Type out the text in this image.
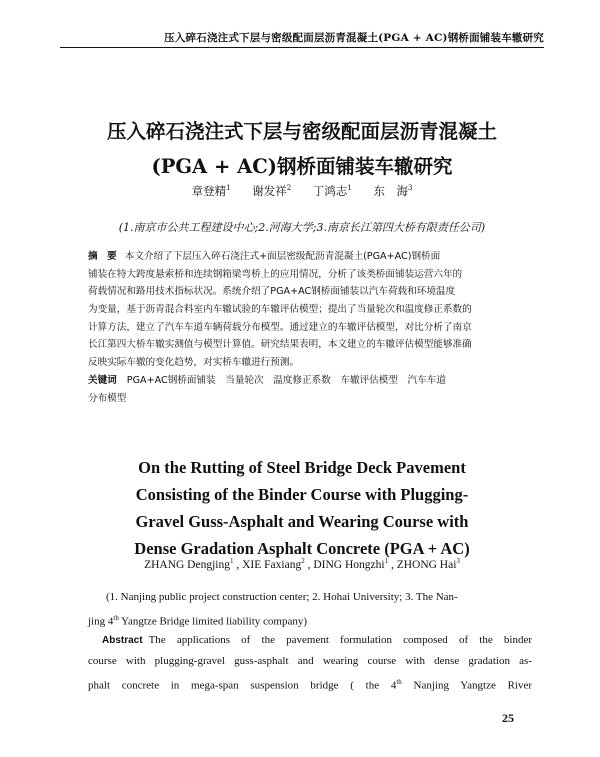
压入碎石浇注式下层与密级配面层沥青混凝土(PGA + AC)钢桥面铺装车辙研究
压入碎石浇注式下层与密级配面层沥青混凝土
(PGA + AC)钢桥面铺装车辙研究
章登精$^1$ 谢发祥$^2$ 丁鸿志$^1$ 东　海$^3$
(1.南京市公共工程建设中心;2.河海大学;3.南京长江第四大桥有限责任公司)
摘　要 本文介绍了下层压入碎石浇注式+面层密级配沥青混凝土(PGA+AC)钢桥面
铺装在特大跨度悬索桥和连续钢箱梁弯桥上的应用情况，分析了该类桥面铺装运营六年的
荷载情况和路用技术指标状况。系统介绍了PGA+AC钢桥面铺装以汽车荷载和环境温度
为变量，基于沥青混合料室内车辙试验的车辙评估模型；提出了当量轮次和温度修正系数的
计算方法，建立了汽车车道车辆荷载分布模型。通过建立的车辙评估模型，对比分析了南京
长江第四大桥车辙实测值与模型计算值。研究结果表明，本文建立的车辙评估模型能够准确
反映实际车辙的变化趋势，对实桥车辙进行预测。
关键词 PGA+AC钢桥面铺装　当量轮次　温度修正系数　车辙评估模型　汽车车道
分布模型
On the Rutting of Steel Bridge Deck Pavement
Consisting of the Binder Course with Plugging-
Gravel Guss-Asphalt and Wearing Course with
Dense Gradation Asphalt Concrete (PGA + AC)
ZHANG Dengjing$^1$ , XIE Faxiang$^2$ , DING Hongzhi$^1$ , ZHONG Hai$^3$
(1. Nanjing public project construction center; 2. Hohai University; 3. The Nan-
jing 4th Yangtze Bridge limited liability company)
Abstract The applications of the pavement formulation composed of the binder
course with plugging-gravel guss-asphalt and wearing course with dense gradation as-
phalt concrete in mega-span suspension bridge ( the 4th Nanjing Yangtze River
25
